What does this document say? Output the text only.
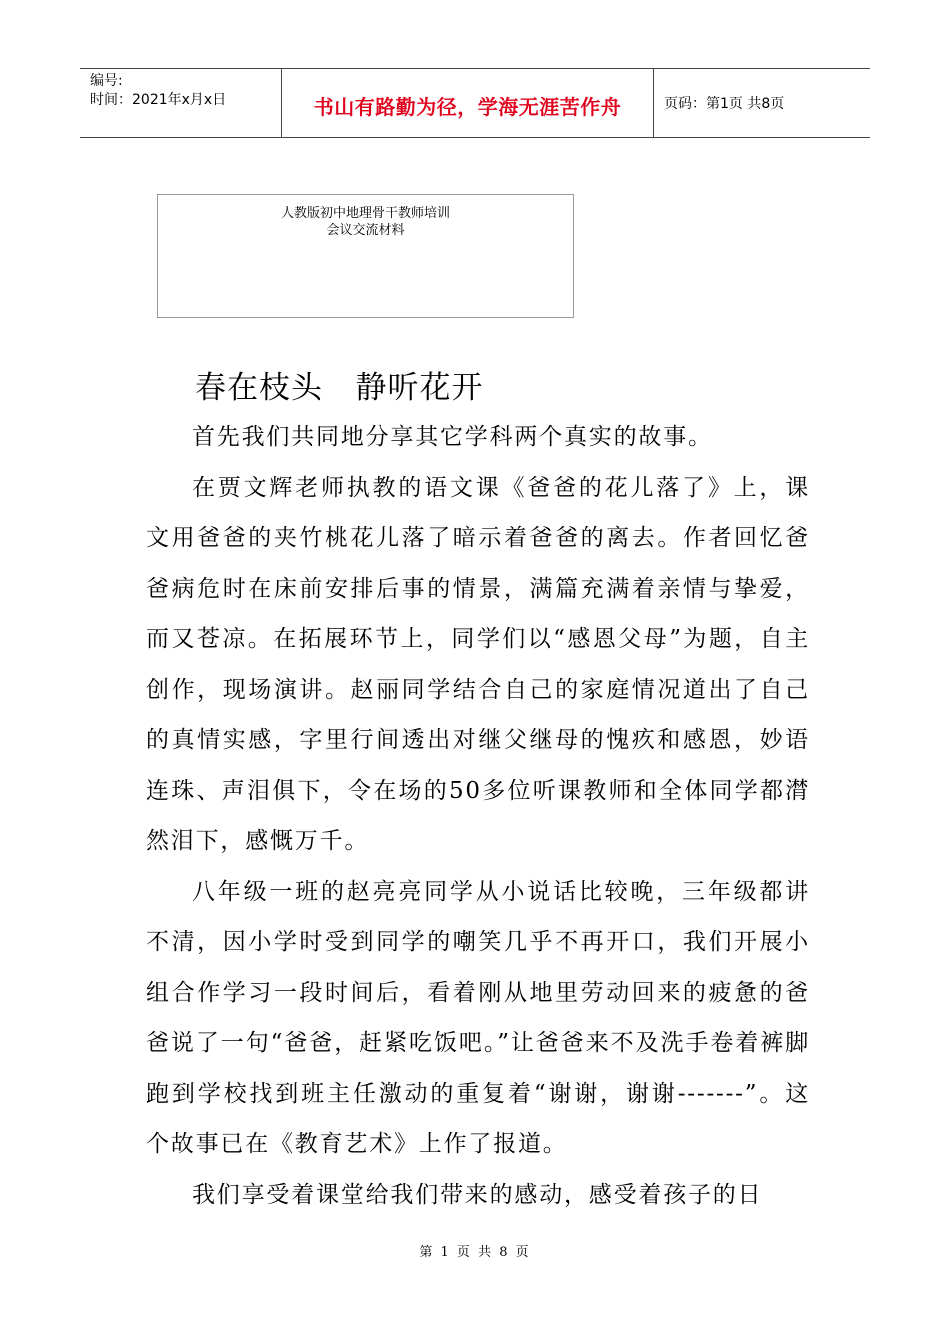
编号:
时间：2021年x月x日	书山有路勤为径，学海无涯苦作舟	页码：第1页 共8页
人教版初中地理骨干教师培训
会议交流材料
春在枝头   静听花开

首先我们共同地分享其它学科两个真实的故事。

在贾文辉老师执教的语文课《爸爸的花儿落了》上，课文用爸爸的夹竹桃花儿落了暗示着爸爸的离去。作者回忆爸爸病危时在床前安排后事的情景，满篇充满着亲情与挚爱，而又苍凉。在拓展环节上，同学们以“感恩父母”为题，自主创作，现场演讲。赵丽同学结合自己的家庭情况道出了自己的真情实感，字里行间透出对继父继母的愧疚和感恩，妙语连珠、声泪俱下，令在场的50多位听课教师和全体同学都潸然泪下，感慨万千。

八年级一班的赵亮亮同学从小说话比较晚，三年级都讲不清，因小学时受到同学的嘲笑几乎不再开口，我们开展小组合作学习一段时间后，看着刚从地里劳动回来的疲惫的爸爸说了一句“爸爸，赶紧吃饭吧。”让爸爸来不及洗手卷着裤脚跑到学校找到班主任激动的重复着“谢谢，谢谢-------”。这个故事已在《教育艺术》上作了报道。

我们享受着课堂给我们带来的感动，感受着孩子的日

第 1 页 共 8 页
